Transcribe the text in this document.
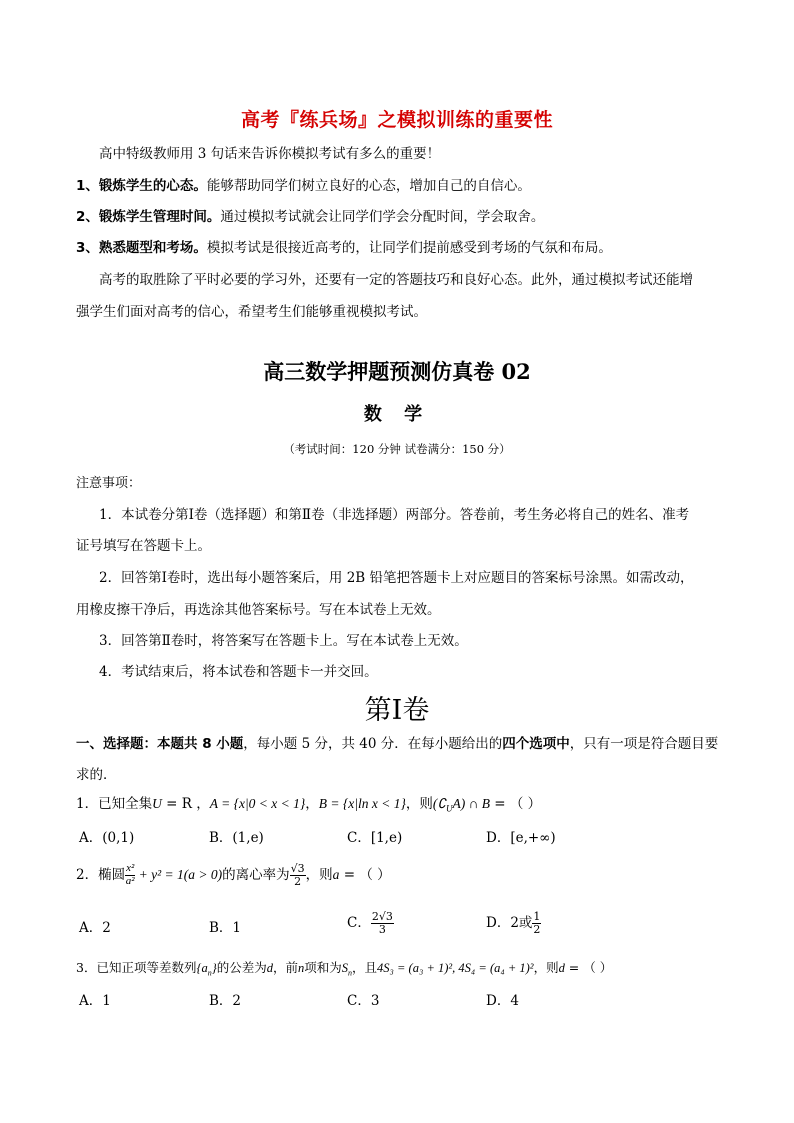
高考『练兵场』之模拟训练的重要性
高中特级教师用 3 句话来告诉你模拟考试有多么的重要！
1、锻炼学生的心态。能够帮助同学们树立良好的心态，增加自己的自信心。
2、锻炼学生管理时间。通过模拟考试就会让同学们学会分配时间，学会取舍。
3、熟悉题型和考场。模拟考试是很接近高考的，让同学们提前感受到考场的气氛和布局。
高考的取胜除了平时必要的学习外，还要有一定的答题技巧和良好心态。此外，通过模拟考试还能增
强学生们面对高考的信心，希望考生们能够重视模拟考试。
高三数学押题预测仿真卷 02
数 学
（考试时间：120 分钟 试卷满分：150 分）
注意事项：
1．本试卷分第Ⅰ卷（选择题）和第Ⅱ卷（非选择题）两部分。答卷前，考生务必将自己的姓名、准考
证号填写在答题卡上。
2．回答第Ⅰ卷时，选出每小题答案后，用 2B 铅笔把答题卡上对应题目的答案标号涂黑。如需改动，
用橡皮擦干净后，再选涂其他答案标号。写在本试卷上无效。
3．回答第Ⅱ卷时，将答案写在答题卡上。写在本试卷上无效。
4．考试结束后，将本试卷和答题卡一并交回。
第Ⅰ卷
一、选择题：本题共 8 小题，每小题 5 分，共 40 分．在每小题给出的四个选项中，只有一项是符合题目要
求的．
1．已知全集U = R ，A = {x|0 < x < 1}，B = {x|ln x < 1}，则$(∁_UA)$ ∩ B = （ ）
A．(0,1)	B．(1,e)	C．[1,e)	D．[e,+∞)
2．椭圆 $\frac{\text{x²}}{\text{a²}} + y^2 = 1(a > 0)$的离心率为 $\frac{√3}{2}$ ，则a = （ ）
A．2	B．1	C． $\frac{2√3}{3}$	D．2或 $\frac{1}{2}$
3．已知正项等差数列$\{a_n\}$的公差为d，前n项和为$S_n$，且4S₃ = (a₃ + 1)², 4S₄ = (a₄ + 1)²，则d = （ ）
A．1	B．2	C．3	D．4
